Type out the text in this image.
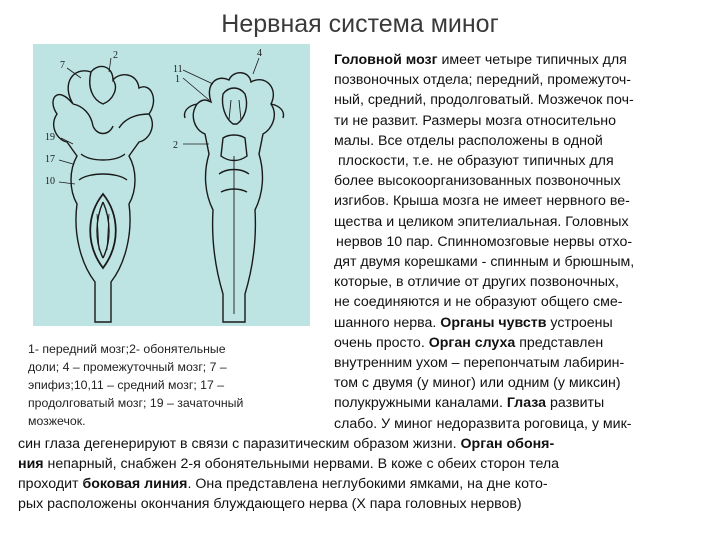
Нервная система миног
7
2
19
17
10
11
4
1
2
1- передний мозг;2- обонятельные
доли; 4 – промежуточный мозг; 7 –
эпифиз;10,11 – средний мозг; 17 –
продолговатый мозг; 19 – зачаточный
мозжечок.
Головной мозг имеет четыре типичных для
позвоночных отдела; передний, промежуточ-
ный, средний, продолговатый. Мозжечок поч-
ти не развит. Размеры мозга относительно
малы. Все отделы расположены в одной
плоскости, т.е. не образуют типичных для
более высокоорганизованных позвоночных
изгибов. Крыша мозга не имеет нервного ве-
щества и целиком эпителиальная. Головных
нервов 10 пар. Спинномозговые нервы отхо-
дят двумя корешками - спинным и брюшным,
которые, в отличие от других позвоночных,
не соединяются и не образуют общего сме-
шанного нерва. Органы чувств устроены
очень просто. Орган слуха представлен
внутренним ухом – перепончатым лабирин-
том с двумя (у миног) или одним (у миксин)
полукружными каналами. Глаза развиты
слабо. У миног недоразвита роговица, у мик-
син глаза дегенерируют в связи с паразитическим образом жизни. Орган обоня-
ния непарный, снабжен 2-я обонятельными нервами. В коже с обеих сторон тела
проходит боковая линия. Она представлена неглубокими ямками, на дне кото-
рых расположены окончания блуждающего нерва (X пара головных нервов)
